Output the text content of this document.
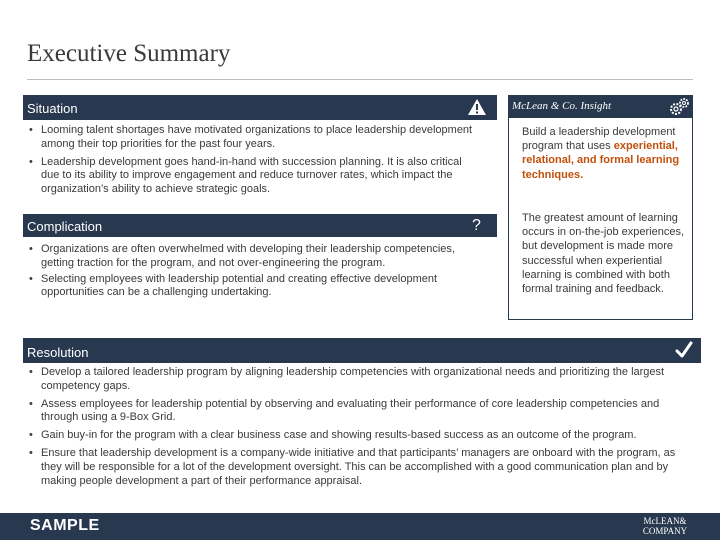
Executive Summary
Situation
• Looming talent shortages have motivated organizations to place leadership development among their top priorities for the past four years.
• Leadership development goes hand-in-hand with succession planning. It is also critical due to its ability to improve engagement and reduce turnover rates, which impact the organization’s ability to achieve strategic goals.
Complication	?
• Organizations are often overwhelmed with developing their leadership competencies, getting traction for the program, and not over-engineering the program.
• Selecting employees with leadership potential and creating effective development opportunities can be a challenging undertaking.
McLean & Co. Insight

Build a leadership development program that uses experiential, relational, and formal learning techniques.

The greatest amount of learning occurs in on-the-job experiences, but development is made more successful when experiential learning is combined with both formal training and feedback.

Resolution
• Develop a tailored leadership program by aligning leadership competencies with organizational needs and prioritizing the largest competency gaps.
• Assess employees for leadership potential by observing and evaluating their performance of core leadership competencies and through using a 9-Box Grid.
• Gain buy-in for the program with a clear business case and showing results-based success as an outcome of the program.
• Ensure that leadership development is a company-wide initiative and that participants’ managers are onboard with the program, as they will be responsible for a lot of the development oversight. This can be accomplished with a good communication plan and by making people development a part of their performance appraisal.
SAMPLE	McLEAN&
COMPANY
